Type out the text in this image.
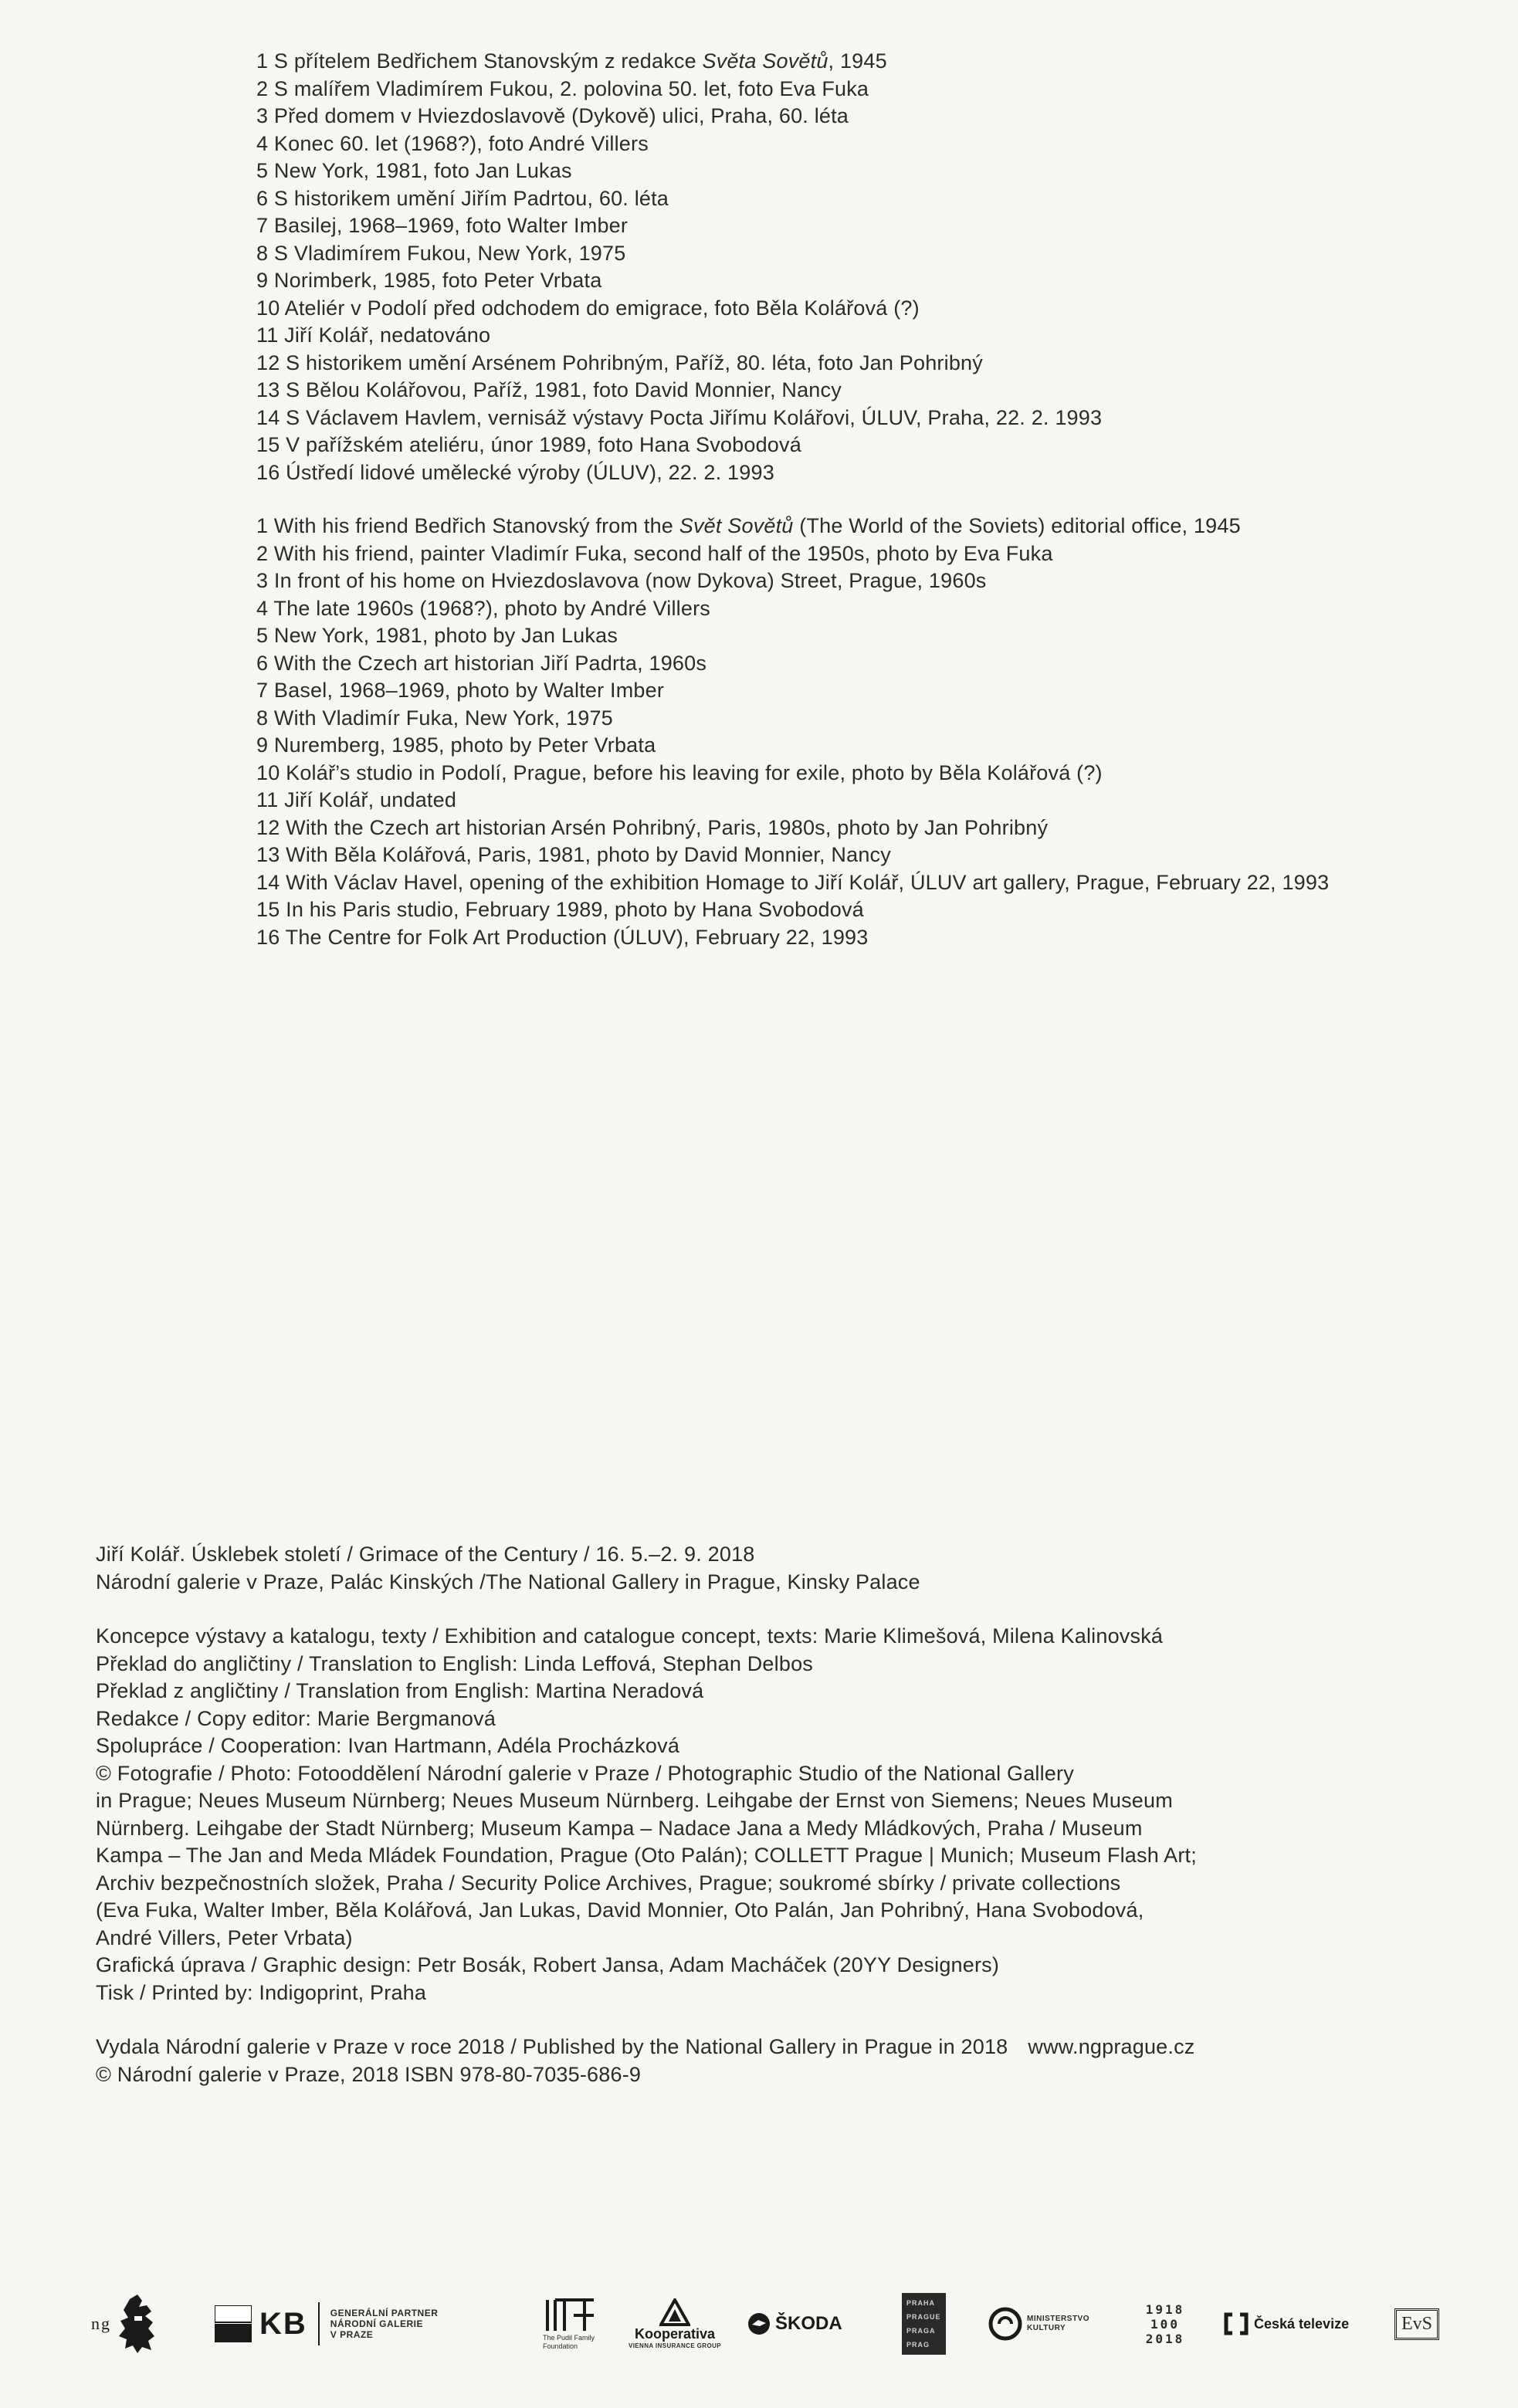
1 S přítelem Bedřichem Stanovským z redakce Světa Sovětů, 1945
2 S malířem Vladimírem Fukou, 2. polovina 50. let, foto Eva Fuka
3 Před domem v Hviezdoslavově (Dykově) ulici, Praha, 60. léta
4 Konec 60. let (1968?), foto André Villers
5 New York, 1981, foto Jan Lukas
6 S historikem umění Jiřím Padrtou, 60. léta
7 Basilej, 1968–1969, foto Walter Imber
8 S Vladimírem Fukou, New York, 1975
9 Norimberk, 1985, foto Peter Vrbata
10 Ateliér v Podolí před odchodem do emigrace, foto Běla Kolářová (?)
11 Jiří Kolář, nedatováno
12 S historikem umění Arsénem Pohribným, Paříž, 80. léta, foto Jan Pohribný
13 S Bělou Kolářovou, Paříž, 1981, foto David Monnier, Nancy
14 S Václavem Havlem, vernisáž výstavy Pocta Jiřímu Kolářovi, ÚLUV, Praha, 22. 2. 1993
15 V pařížském ateliéru, únor 1989, foto Hana Svobodová
16 Ústředí lidové umělecké výroby (ÚLUV), 22. 2. 1993
1 With his friend Bedřich Stanovský from the Svět Sovětů (The World of the Soviets) editorial office, 1945
2 With his friend, painter Vladimír Fuka, second half of the 1950s, photo by Eva Fuka
3 In front of his home on Hviezdoslavova (now Dykova) Street, Prague, 1960s
4 The late 1960s (1968?), photo by André Villers
5 New York, 1981, photo by Jan Lukas
6 With the Czech art historian Jiří Padrta, 1960s
7 Basel, 1968–1969, photo by Walter Imber
8 With Vladimír Fuka, New York, 1975
9 Nuremberg, 1985, photo by Peter Vrbata
10 Kolář’s studio in Podolí, Prague, before his leaving for exile, photo by Běla Kolářová (?)
11 Jiří Kolář, undated
12 With the Czech art historian Arsén Pohribný, Paris, 1980s, photo by Jan Pohribný
13 With Běla Kolářová, Paris, 1981, photo by David Monnier, Nancy
14 With Václav Havel, opening of the exhibition Homage to Jiří Kolář, ÚLUV art gallery, Prague, February 22, 1993
15 In his Paris studio, February 1989, photo by Hana Svobodová
16 The Centre for Folk Art Production (ÚLUV), February 22, 1993

Jiří Kolář. Úsklebek století / Grimace of the Century / 16. 5.–2. 9. 2018

Národní galerie v Praze, Palác Kinských /The National Gallery in Prague, Kinsky Palace

Koncepce výstavy a katalogu, texty / Exhibition and catalogue concept, texts: Marie Klimešová, Milena Kalinovská

Překlad do angličtiny / Translation to English: Linda Leffová, Stephan Delbos

Překlad z angličtiny / Translation from English: Martina Neradová

Redakce / Copy editor: Marie Bergmanová

Spolupráce / Cooperation: Ivan Hartmann, Adéla Procházková

© Fotografie / Photo: Fotooddělení Národní galerie v Praze / Photographic Studio of the National Gallery

in Prague; Neues Museum Nürnberg; Neues Museum Nürnberg. Leihgabe der Ernst von Siemens; Neues Museum

Nürnberg. Leihgabe der Stadt Nürnberg; Museum Kampa – Nadace Jana a Medy Mládkových, Praha / Museum

Kampa – The Jan and Meda Mládek Foundation, Prague (Oto Palán); COLLETT Prague | Munich; Museum Flash Art;

Archiv bezpečnostních složek, Praha / Security Police Archives, Prague; soukromé sbírky / private collections

(Eva Fuka, Walter Imber, Běla Kolářová, Jan Lukas, David Monnier, Oto Palán, Jan Pohribný, Hana Svobodová,

André Villers, Peter Vrbata)

Grafická úprava / Graphic design: Petr Bosák, Robert Jansa, Adam Macháček (20YY Designers)

Tisk / Printed by: Indigoprint, Praha

Vydala Národní galerie v Praze v roce 2018 / Published by the National Gallery in Prague in 2018 www.ngprague.cz

© Národní galerie v Praze, 2018 ISBN 978-80-7035-686-9

ng	KB	GENERÁLNÍ PARTNER
NÁRODNÍ GALERIE
V PRAZE	The Pudil Family
Foundation
Kooperativa
VIENNA INSURANCE GROUP
ŠKODA
PRAHA
PRAGUE
PRAGA
PRAG
MINISTERSTVO
KULTURY
1918
100
2018
Česká televize	EvS
